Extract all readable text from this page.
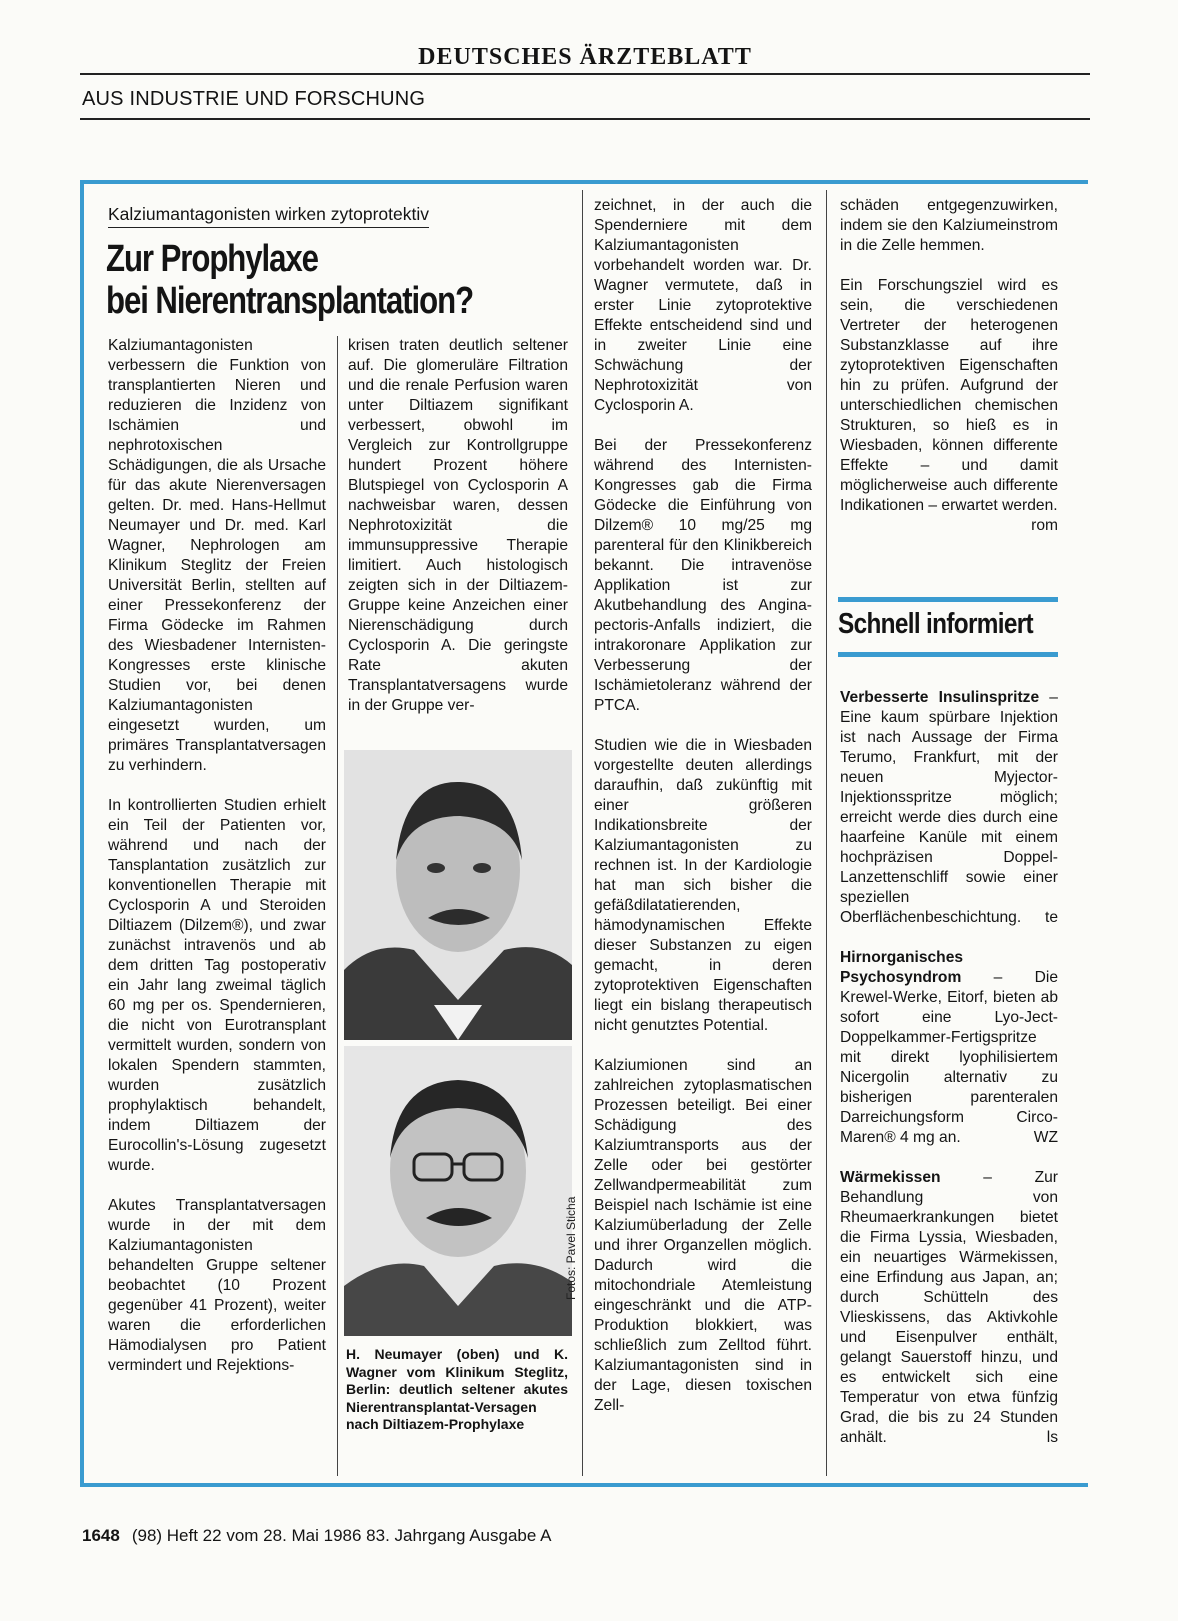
DEUTSCHES ÄRZTEBLATT
AUS INDUSTRIE UND FORSCHUNG
Kalziumantagonisten wirken zytoprotektiv
Zur Prophylaxe
bei Nierentransplantation?

Kalziumantagonisten verbessern die Funktion von transplantierten Nieren und reduzieren die Inzidenz von Ischämien und nephrotoxischen Schädigungen, die als Ursache für das akute Nierenversagen gelten. Dr. med. Hans-Hellmut Neumayer und Dr. med. Karl Wagner, Nephrologen am Klinikum Steglitz der Freien Universität Berlin, stellten auf einer Pressekonferenz der Firma Gödecke im Rahmen des Wiesbadener Internisten-Kongresses erste klinische Studien vor, bei denen Kalziumantagonisten eingesetzt wurden, um primäres Transplantatversagen zu verhindern.

In kontrollierten Studien erhielt ein Teil der Patienten vor, während und nach der Tansplantation zusätzlich zur konventionellen Therapie mit Cyclosporin A und Steroiden Diltiazem (Dilzem®), und zwar zunächst intravenös und ab dem dritten Tag postoperativ ein Jahr lang zweimal täglich 60 mg per os. Spendernieren, die nicht von Eurotransplant vermittelt wurden, sondern von lokalen Spendern stammten, wurden zusätzlich prophylaktisch behandelt, indem Diltiazem der Eurocollin's-Lösung zugesetzt wurde.

Akutes Transplantatversagen wurde in der mit dem Kalziumantagonisten behandelten Gruppe seltener beobachtet (10 Prozent gegenüber 41 Prozent), weiter waren die erforderlichen Hämodialysen pro Patient vermindert und Rejektions-

krisen traten deutlich seltener auf. Die glomeruläre Filtration und die renale Perfusion waren unter Diltiazem signifikant verbessert, obwohl im Vergleich zur Kontrollgruppe hundert Prozent höhere Blutspiegel von Cyclosporin A nachweisbar waren, dessen Nephrotoxizität die immunsuppressive Therapie limitiert. Auch histologisch zeigten sich in der Diltiazem-Gruppe keine Anzeichen einer Nierenschädigung durch Cyclosporin A. Die geringste Rate akuten Transplantatversagens wurde in der Gruppe ver-

Fotos: Pavel Sticha
H. Neumayer (oben) und K. Wagner vom Klinikum Steglitz, Berlin: deutlich seltener akutes Nierentransplantat-Versagen nach Diltiazem-Prophylaxe

zeichnet, in der auch die Spenderniere mit dem Kalziumantagonisten vorbehandelt worden war. Dr. Wagner vermutete, daß in erster Linie zytoprotektive Effekte entscheidend sind und in zweiter Linie eine Schwächung der Nephrotoxizität von Cyclosporin A.

Bei der Pressekonferenz während des Internisten-Kongresses gab die Firma Gödecke die Einführung von Dilzem® 10 mg/25 mg parenteral für den Klinikbereich bekannt. Die intravenöse Applikation ist zur Akutbehandlung des Angina-pectoris-Anfalls indiziert, die intrakoronare Applikation zur Verbesserung der Ischämietoleranz während der PTCA.

Studien wie die in Wiesbaden vorgestellte deuten allerdings daraufhin, daß zukünftig mit einer größeren Indikationsbreite der Kalziumantagonisten zu rechnen ist. In der Kardiologie hat man sich bisher die gefäßdilatatierenden, hämodynamischen Effekte dieser Substanzen zu eigen gemacht, in deren zytoprotektiven Eigenschaften liegt ein bislang therapeutisch nicht genutztes Potential.

Kalziumionen sind an zahlreichen zytoplasmatischen Prozessen beteiligt. Bei einer Schädigung des Kalziumtransports aus der Zelle oder bei gestörter Zellwandpermeabilität zum Beispiel nach Ischämie ist eine Kalziumüberladung der Zelle und ihrer Organzellen möglich. Dadurch wird die mitochondriale Atemleistung eingeschränkt und die ATP-Produktion blokkiert, was schließlich zum Zelltod führt. Kalziumantagonisten sind in der Lage, diesen toxischen Zell-

schäden entgegenzuwirken, indem sie den Kalziumeinstrom in die Zelle hemmen.

Ein Forschungsziel wird es sein, die verschiedenen Vertreter der heterogenen Substanzklasse auf ihre zytoprotektiven Eigenschaften hin zu prüfen. Aufgrund der unterschiedlichen chemischen Strukturen, so hieß es in Wiesbaden, können differente Effekte – und damit möglicherweise auch differente Indikationen – erwartet werden.
rom

Schnell informiert

Verbesserte Insulinspritze – Eine kaum spürbare Injektion ist nach Aussage der Firma Terumo, Frankfurt, mit der neuen Myjector-Injektionsspritze möglich; erreicht werde dies durch eine haarfeine Kanüle mit einem hochpräzisen Doppel-Lanzettenschliff sowie einer speziellen Oberflächenbeschichtung. te

Hirnorganisches Psychosyndrom – Die Krewel-Werke, Eitorf, bieten ab sofort eine Lyo-Ject-Doppelkammer-Fertigspritze mit direkt lyophilisiertem Nicergolin alternativ zu bisherigen parenteralen Darreichungsform Circo-Maren® 4 mg an.	WZ

Wärmekissen – Zur Behandlung von Rheumaerkrankungen bietet die Firma Lyssia, Wiesbaden, ein neuartiges Wärmekissen, eine Erfindung aus Japan, an; durch Schütteln des Vlieskissens, das Aktivkohle und Eisenpulver enthält, gelangt Sauerstoff hinzu, und es entwickelt sich eine Temperatur von etwa fünfzig Grad, die bis zu 24 Stunden anhält.	ls

1648 (98) Heft 22 vom 28. Mai 1986 83. Jahrgang Ausgabe A
